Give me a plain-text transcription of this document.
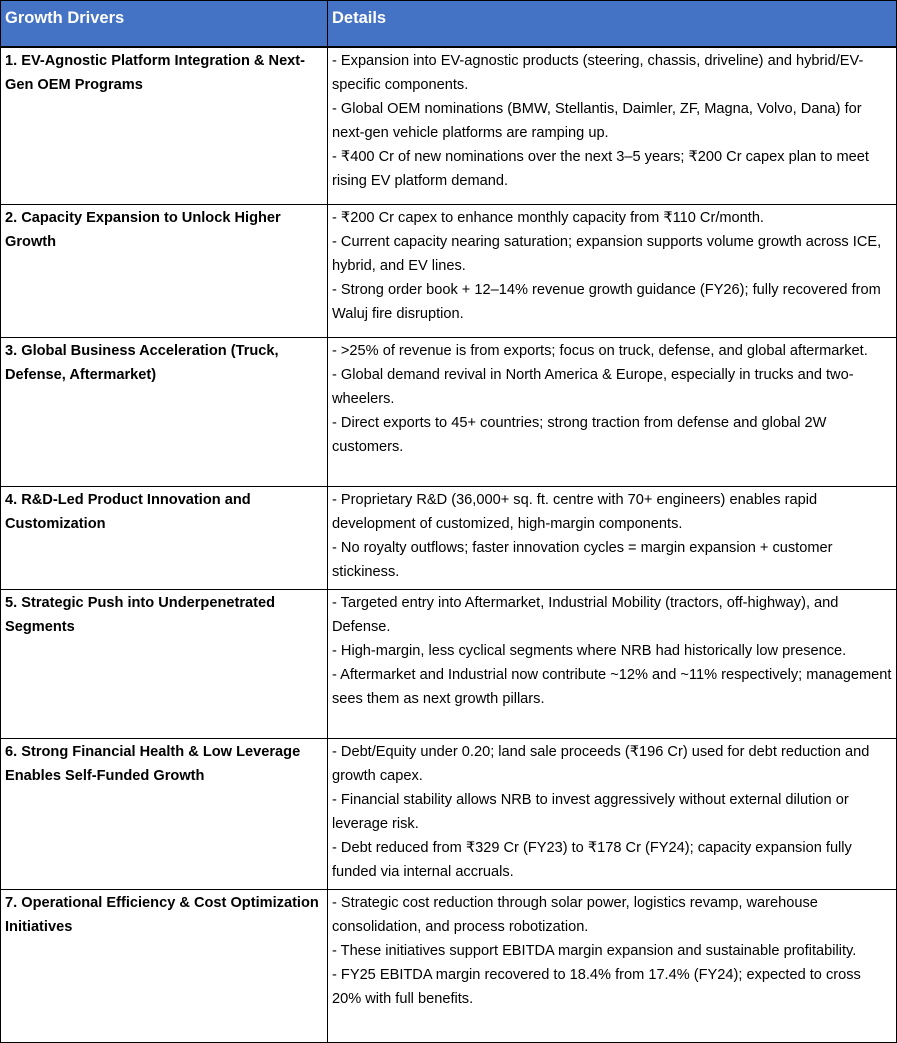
Growth Drivers	Details
1. EV-Agnostic Platform Integration & Next-Gen OEM Programs	- Expansion into EV-agnostic products (steering, chassis, driveline) and hybrid/EV-specific components.
- Global OEM nominations (BMW, Stellantis, Daimler, ZF, Magna, Volvo, Dana) for next-gen vehicle platforms are ramping up.
- ₹400 Cr of new nominations over the next 3–5 years; ₹200 Cr capex plan to meet rising EV platform demand.

2. Capacity Expansion to Unlock Higher Growth	- ₹200 Cr capex to enhance monthly capacity from ₹110 Cr/month.
- Current capacity nearing saturation; expansion supports volume growth across ICE, hybrid, and EV lines.
- Strong order book + 12–14% revenue growth guidance (FY26); fully recovered from Waluj fire disruption.

3. Global Business Acceleration (Truck, Defense, Aftermarket)	- >25% of revenue is from exports; focus on truck, defense, and global aftermarket.
- Global demand revival in North America & Europe, especially in trucks and two-wheelers.
- Direct exports to 45+ countries; strong traction from defense and global 2W customers.

4. R&D-Led Product Innovation and Customization	- Proprietary R&D (36,000+ sq. ft. centre with 70+ engineers) enables rapid development of customized, high-margin components.
- No royalty outflows; faster innovation cycles = margin expansion + customer stickiness.

5. Strategic Push into Underpenetrated Segments	- Targeted entry into Aftermarket, Industrial Mobility (tractors, off-highway), and Defense.
- High-margin, less cyclical segments where NRB had historically low presence.
- Aftermarket and Industrial now contribute ~12% and ~11% respectively; management sees them as next growth pillars.

6. Strong Financial Health & Low Leverage Enables Self-Funded Growth	- Debt/Equity under 0.20; land sale proceeds (₹196 Cr) used for debt reduction and growth capex.
- Financial stability allows NRB to invest aggressively without external dilution or leverage risk.
- Debt reduced from ₹329 Cr (FY23) to ₹178 Cr (FY24); capacity expansion fully funded via internal accruals.

7. Operational Efficiency & Cost Optimization Initiatives	- Strategic cost reduction through solar power, logistics revamp, warehouse consolidation, and process robotization.
- These initiatives support EBITDA margin expansion and sustainable profitability.
- FY25 EBITDA margin recovered to 18.4% from 17.4% (FY24); expected to cross 20% with full benefits.
